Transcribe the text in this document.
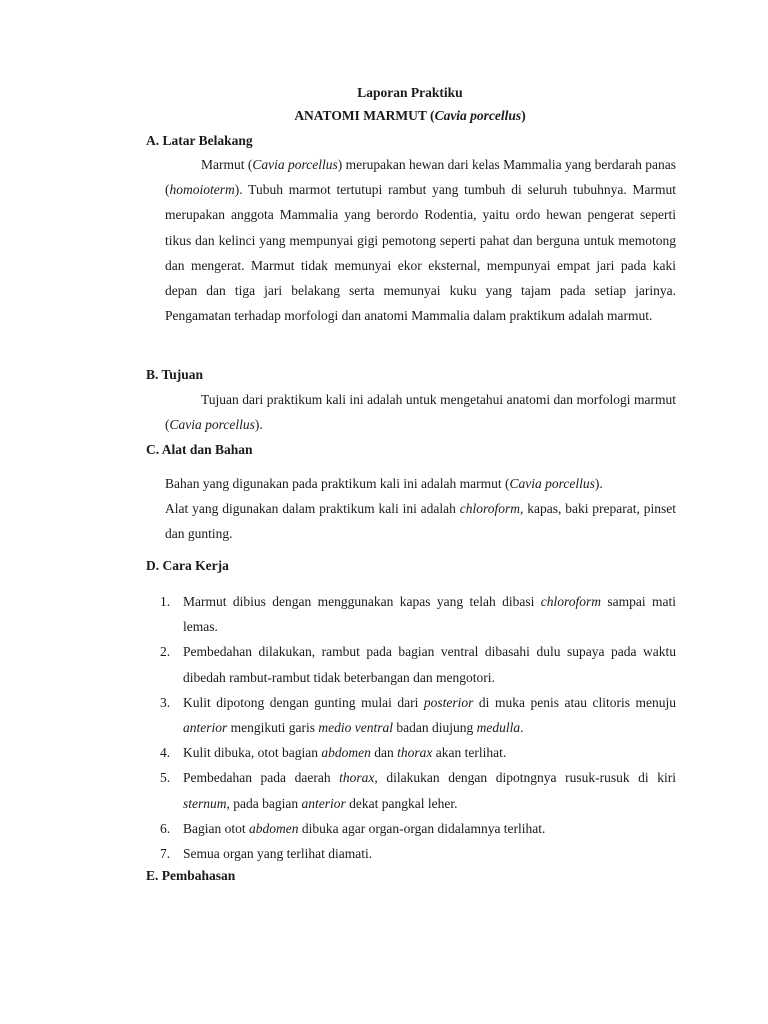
Laporan Praktiku
ANATOMI MARMUT (Cavia porcellus)
A. Latar Belakang

Marmut (Cavia porcellus) merupakan hewan dari kelas Mammalia yang berdarah panas (homoioterm). Tubuh marmot tertutupi rambut yang tumbuh di seluruh tubuhnya. Marmut merupakan anggota Mammalia yang berordo Rodentia, yaitu ordo hewan pengerat seperti tikus dan kelinci yang mempunyai gigi pemotong seperti pahat dan berguna untuk memotong dan mengerat. Marmut tidak memunyai ekor eksternal, mempunyai empat jari pada kaki depan dan tiga jari belakang serta memunyai kuku yang tajam pada setiap jarinya. Pengamatan terhadap morfologi dan anatomi Mammalia dalam praktikum adalah marmut.

B. Tujuan

Tujuan dari praktikum kali ini adalah untuk mengetahui anatomi dan morfologi marmut (Cavia porcellus).

C. Alat dan Bahan

Bahan yang digunakan pada praktikum kali ini adalah marmut (Cavia porcellus).

Alat yang digunakan dalam praktikum kali ini adalah chloroform, kapas, baki preparat, pinset dan gunting.

D. Cara Kerja
1. Marmut dibius dengan menggunakan kapas yang telah dibasi chloroform sampai mati lemas.
2. Pembedahan dilakukan, rambut pada bagian ventral dibasahi dulu supaya pada waktu dibedah rambut-rambut tidak beterbangan dan mengotori.
3. Kulit dipotong dengan gunting mulai dari posterior di muka penis atau clitoris menuju anterior mengikuti garis medio ventral badan diujung medulla.
4. Kulit dibuka, otot bagian abdomen dan thorax akan terlihat.
5. Pembedahan pada daerah thorax, dilakukan dengan dipotngnya rusuk-rusuk di kiri sternum, pada bagian anterior dekat pangkal leher.
6. Bagian otot abdomen dibuka agar organ-organ didalamnya terlihat.
7. Semua organ yang terlihat diamati.
E. Pembahasan
